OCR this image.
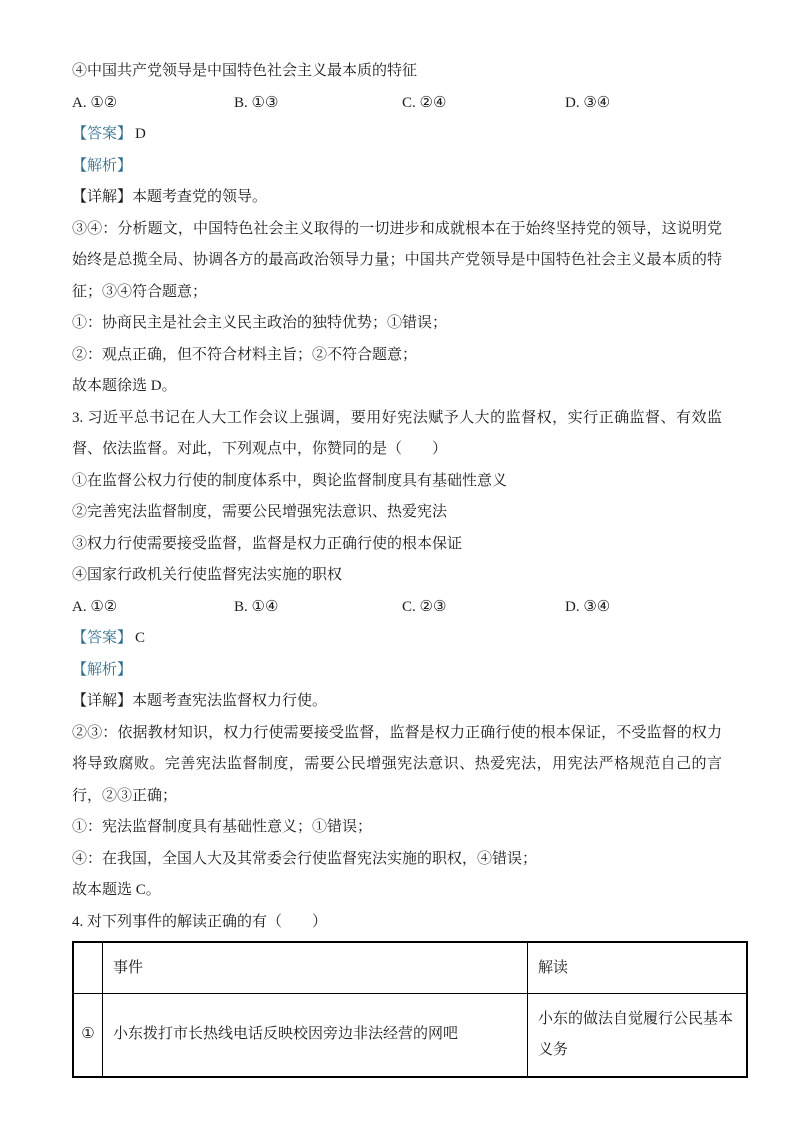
④中国共产党领导是中国特色社会主义最本质的特征

A. ①②	B. ①③	C. ②④	D. ③④

【答案】 D

【解析】

【详解】本题考查党的领导。

③④：分析题文，中国特色社会主义取得的一切进步和成就根本在于始终坚持党的领导，这说明党始终是总揽全局、协调各方的最高政治领导力量；中国共产党领导是中国特色社会主义最本质的特征；③④符合题意；

①：协商民主是社会主义民主政治的独特优势；①错误；

②：观点正确，但不符合材料主旨；②不符合题意；

故本题徐选 D。

3. 习近平总书记在人大工作会议上强调，要用好宪法赋予人大的监督权，实行正确监督、有效监督、依法监督。对此，下列观点中，你赞同的是（　　）

①在监督公权力行使的制度体系中，舆论监督制度具有基础性意义

②完善宪法监督制度，需要公民增强宪法意识、热爱宪法

③权力行使需要接受监督，监督是权力正确行使的根本保证

④国家行政机关行使监督宪法实施的职权

A. ①②	B. ①④	C. ②③	D. ③④

【答案】 C

【解析】

【详解】本题考查宪法监督权力行使。

②③：依据教材知识，权力行使需要接受监督，监督是权力正确行使的根本保证，不受监督的权力将导致腐败。完善宪法监督制度，需要公民增强宪法意识、热爱宪法，用宪法严格规范自己的言行，②③正确；

①：宪法监督制度具有基础性意义；①错误；

④：在我国，全国人大及其常委会行使监督宪法实施的职权，④错误；

故本题选 C。

4. 对下列事件的解读正确的有（　　）

	事件	解读
①	小东拨打市长热线电话反映校因旁边非法经营的网吧	小东的做法自觉履行公民基本义务
